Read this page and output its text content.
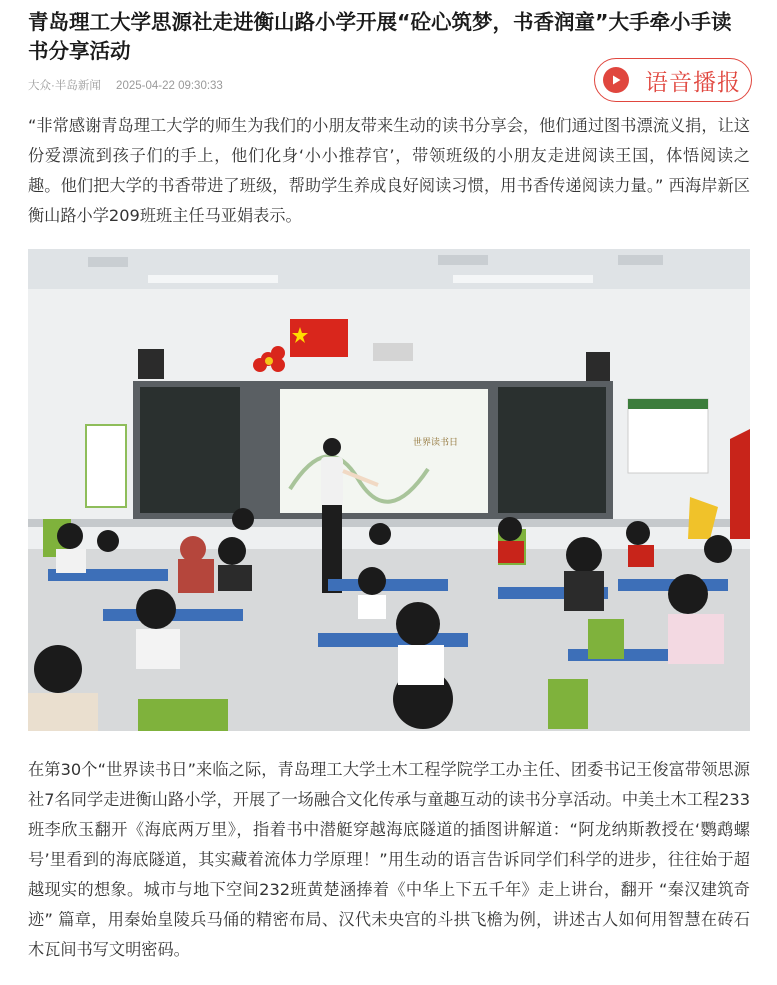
青岛理工大学思源社走进衡山路小学开展“砼心筑梦，书香润童”大手牵小手读书分享活动
大众·半岛新闻 2025-04-22 09:30:33	语音播报

“非常感谢青岛理工大学的师生为我们的小朋友带来生动的读书分享会，他们通过图书漂流义捐，让这份爱漂流到孩子们的手上，他们化身‘小小推荐官’，带领班级的小朋友走进阅读王国，体悟阅读之趣。他们把大学的书香带进了班级，帮助学生养成良好阅读习惯，用书香传递阅读力量。” 西海岸新区衡山路小学209班班主任马亚娟表示。

世界读书日

在第30个“世界读书日”来临之际，青岛理工大学土木工程学院学工办主任、团委书记王俊富带领思源社7名同学走进衡山路小学，开展了一场融合文化传承与童趣互动的读书分享活动。中美土木工程233班李欣玉翻开《海底两万里》，指着书中潜艇穿越海底隧道的插图讲解道：“阿龙纳斯教授在‘鹦鹉螺号’里看到的海底隧道，其实藏着流体力学原理！”用生动的语言告诉同学们科学的进步，往往始于超越现实的想象。城市与地下空间232班黄楚涵捧着《中华上下五千年》走上讲台，翻开 “秦汉建筑奇迹” 篇章，用秦始皇陵兵马俑的精密布局、汉代未央宫的斗拱飞檐为例，讲述古人如何用智慧在砖石木瓦间书写文明密码。
